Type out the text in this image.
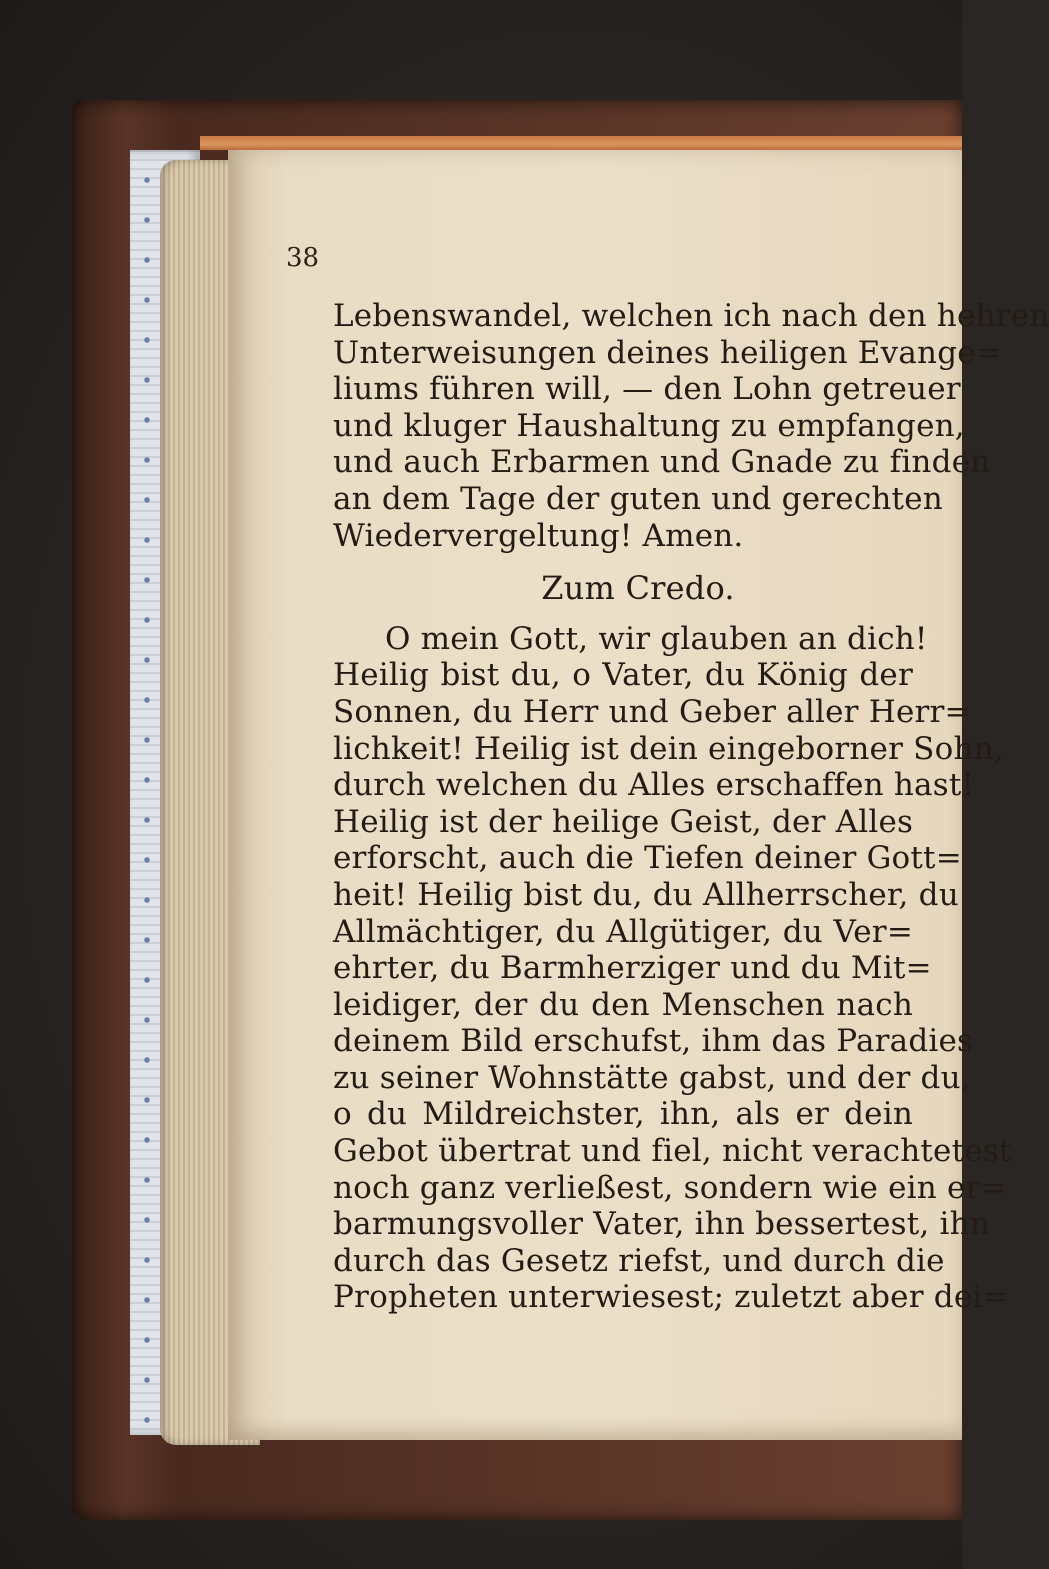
38
Lebenswandel, welchen ich nach den hehren
Unterweisungen deines heiligen Evange=
liums führen will, — den Lohn getreuer
und kluger Haushaltung zu empfangen,
und auch Erbarmen und Gnade zu finden
an dem Tage der guten und gerechten
Wiedervergeltung! Amen.
Zum Credo.
O mein Gott, wir glauben an dich!
Heilig bist du, o Vater, du König der
Sonnen, du Herr und Geber aller Herr=
lichkeit! Heilig ist dein eingeborner Sohn,
durch welchen du Alles erschaffen hast!
Heilig ist der heilige Geist, der Alles
erforscht, auch die Tiefen deiner Gott=
heit! Heilig bist du, du Allherrscher, du
Allmächtiger, du Allgütiger, du Ver=
ehrter, du Barmherziger und du Mit=
leidiger, der du den Menschen nach
deinem Bild erschufst, ihm das Paradies
zu seiner Wohnstätte gabst, und der du,
o du Mildreichster, ihn, als er dein
Gebot übertrat und fiel, nicht verachtetest
noch ganz verließest, sondern wie ein er=
barmungsvoller Vater, ihn bessertest, ihn
durch das Gesetz riefst, und durch die
Propheten unterwiesest; zuletzt aber dei=
